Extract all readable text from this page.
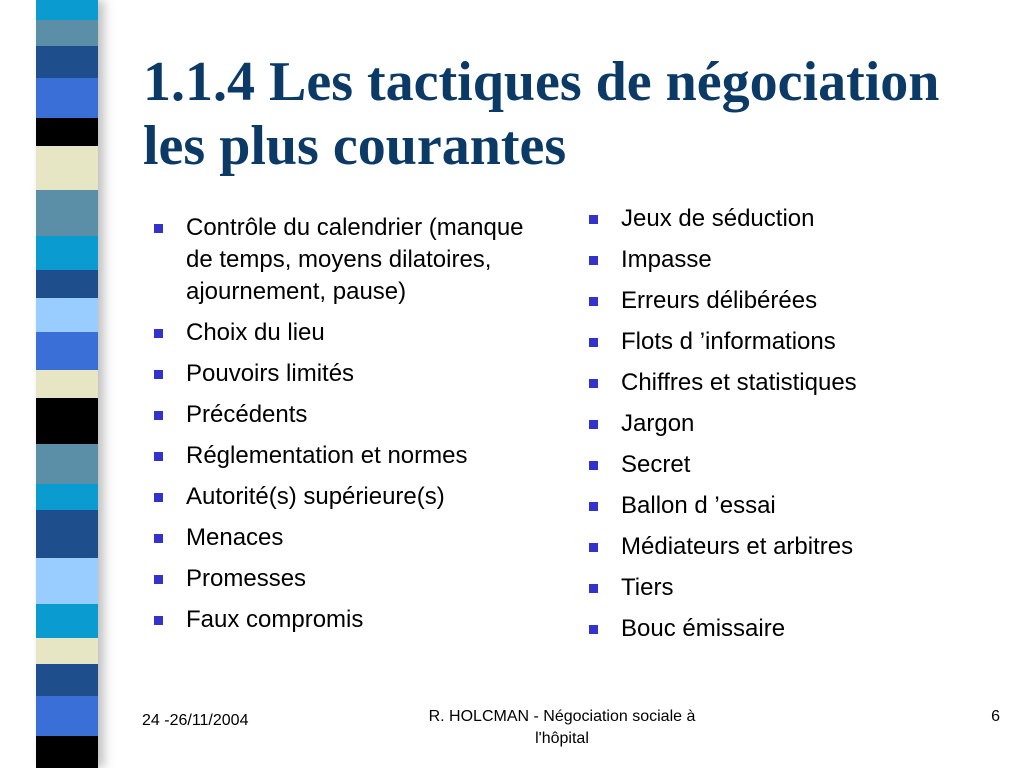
1.1.4 Les tactiques de négociation les plus courantes
Contrôle du calendrier (manque de temps, moyens dilatoires, ajournement, pause)
Choix du lieu
Pouvoirs limités
Précédents
Réglementation et normes
Autorité(s) supérieure(s)
Menaces
Promesses
Faux compromis
Jeux de séduction
Impasse
Erreurs délibérées
Flots d ’informations
Chiffres et statistiques
Jargon
Secret
Ballon d ’essai
Médiateurs et arbitres
Tiers
Bouc émissaire
24 -26/11/2004	R. HOLCMAN - Négociation sociale à l'hôpital
6
